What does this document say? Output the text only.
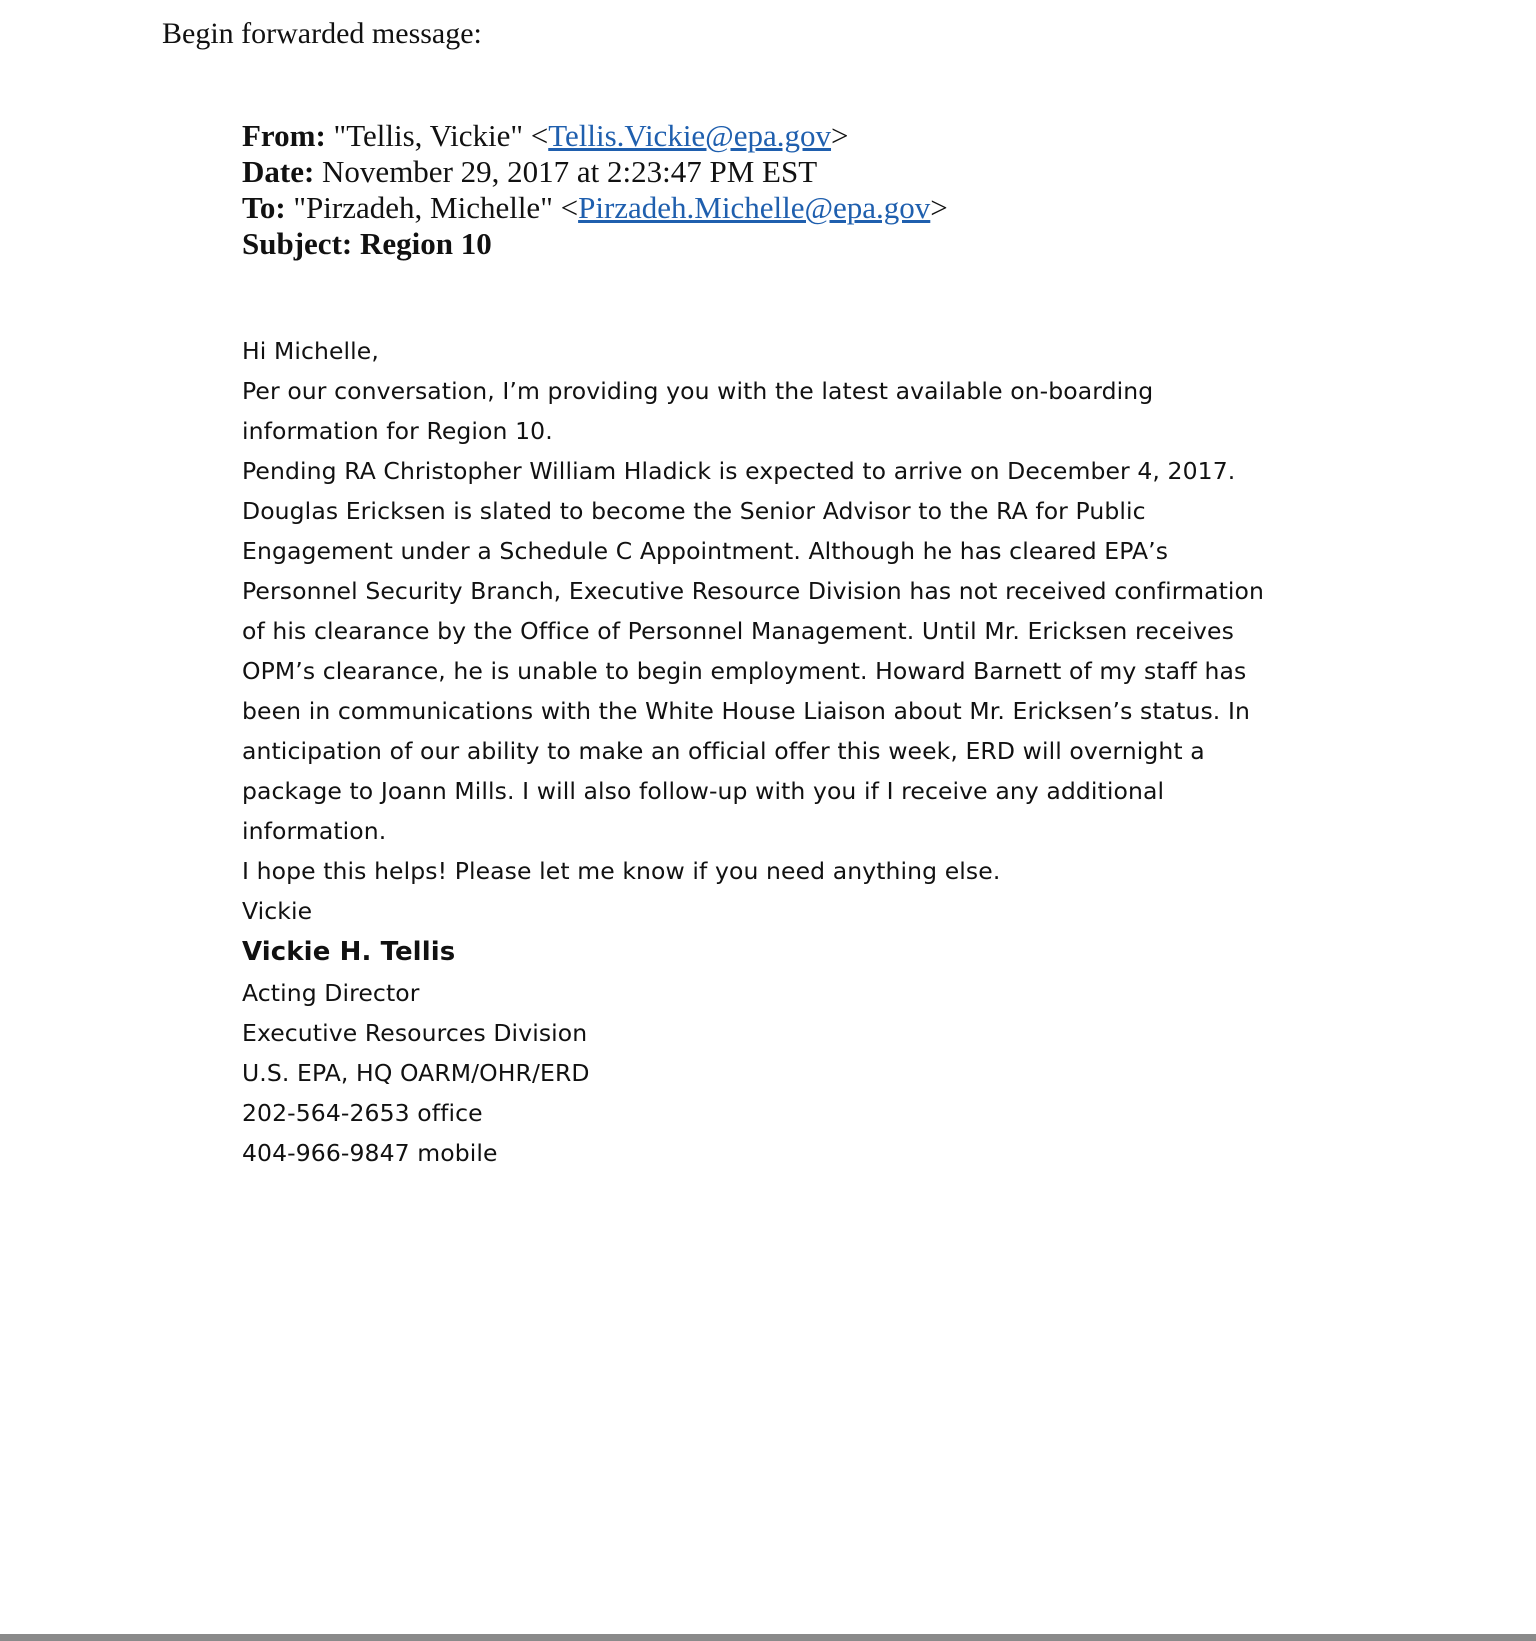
Begin forwarded message:
From: "Tellis, Vickie" <Tellis.Vickie@epa.gov>
Date: November 29, 2017 at 2:23:47 PM EST
To: "Pirzadeh, Michelle" <Pirzadeh.Michelle@epa.gov>
Subject: Region 10

Hi Michelle,

Per our conversation, I’m providing you with the latest available on-boarding information for Region 10.

Pending RA Christopher William Hladick is expected to arrive on December 4, 2017.

Douglas Ericksen is slated to become the Senior Advisor to the RA for Public Engagement under a Schedule C Appointment. Although he has cleared EPA’s Personnel Security Branch, Executive Resource Division has not received confirmation of his clearance by the Office of Personnel Management. Until Mr. Ericksen receives OPM’s clearance, he is unable to begin employment. Howard Barnett of my staff has been in communications with the White House Liaison about Mr. Ericksen’s status. In anticipation of our ability to make an official offer this week, ERD will overnight a package to Joann Mills. I will also follow-up with you if I receive any additional information.

I hope this helps! Please let me know if you need anything else.

Vickie

Vickie H. Tellis

Acting Director

Executive Resources Division

U.S. EPA, HQ OARM/OHR/ERD

202-564-2653 office

404-966-9847 mobile
